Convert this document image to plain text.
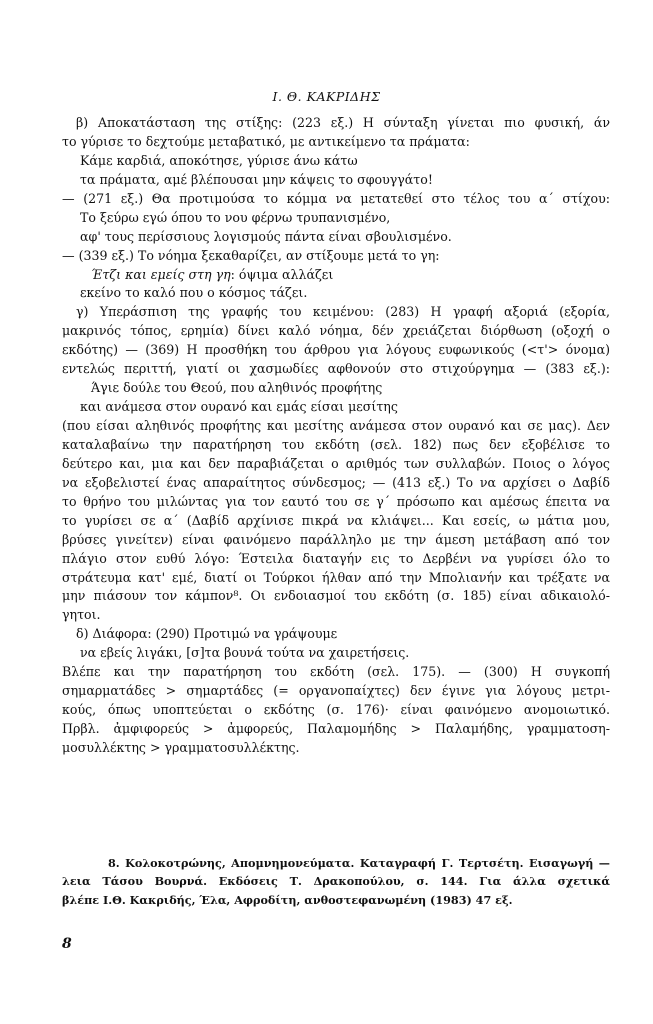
Ι. Θ. ΚΑΚΡΙΔΗΣ
β) Αποκατάσταση της στίξης: (223 εξ.) Η σύνταξη γίνεται πιο φυσική, άν
το γύρισε το δεχτούμε μεταβατικό, με αντικείμενο τα πράματα:
Κάμε καρδιά, αποκότησε, γύρισε άνω κάτω
τα πράματα, αμέ βλέπουσαι μην κάψεις το σφουγγάτο!
— (271 εξ.) Θα προτιμούσα το κόμμα να μετατεθεί στο τέλος του α΄ στίχου:
Το ξεύρω εγώ όπου το νου φέρνω τρυπανισμένο,
αφ' τους περίσσιους λογισμούς πάντα είναι σβουλισμένο.
— (339 εξ.) Το νόημα ξεκαθαρίζει, αν στίξουμε μετά το γη:
Έτζι και εμείς στη γη: όψιμα αλλάζει
εκείνο το καλό που ο κόσμος τάζει.
γ) Υπεράσπιση της γραφής του κειμένου: (283) Η γραφή αξοριά (εξορία,
μακρινός τόπος, ερημία) δίνει καλό νόημα, δέν χρειάζεται διόρθωση (οξοχή ο
εκδότης) — (369) Η προσθήκη του άρθρου για λόγους ευφωνικούς (<τ'> όνομα)
εντελώς περιττή, γιατί οι χασμωδίες αφθονούν στο στιχούργημα — (383 εξ.):
Άγιε δούλε του Θεού, που αληθινός προφήτης
και ανάμεσα στον ουρανό και εμάς είσαι μεσίτης
(που είσαι αληθινός προφήτης και μεσίτης ανάμεσα στον ουρανό και σε μας). Δεν
καταλαβαίνω την παρατήρηση του εκδότη (σελ. 182) πως δεν εξοβέλισε το
δεύτερο και, μια και δεν παραβιάζεται ο αριθμός των συλλαβών. Ποιος ο λόγος
να εξοβελιστεί ένας απαραίτητος σύνδεσμος; — (413 εξ.) Το να αρχίσει ο Δαβίδ
το θρήνο του μιλώντας για τον εαυτό του σε γ΄ πρόσωπο και αμέσως έπειτα να
το γυρίσει σε α΄ (Δαβίδ αρχίνισε πικρά να κλιάψει... Και εσείς, ω μάτια μου,
βρύσες γινείτεν) είναι φαινόμενο παράλληλο με την άμεση μετάβαση από τον
πλάγιο στον ευθύ λόγο: Έστειλα διαταγήν εις το Δερβένι να γυρίσει όλο το
στράτευμα κατ' εμέ, διατί οι Τούρκοι ήλθαν από την Μπολιανήν και τρέξατε να
μην πιάσουν τον κάμπον⁸. Οι ενδοιασμοί του εκδότη (σ. 185) είναι αδικαιολό-
γητοι.
δ) Διάφορα: (290) Προτιμώ να γράψουμε
να εβείς λιγάκι, [σ]τα βουνά τούτα να χαιρετήσεις.
Βλέπε και την παρατήρηση του εκδότη (σελ. 175). — (300) Η συγκοπή
σημαρματάδες > σημαρτάδες (= οργανοπαίχτες) δεν έγινε για λόγους μετρι-
κούς, όπως υποπτεύεται ο εκδότης (σ. 176)· είναι φαινόμενο ανομοιωτικό.
Πρβλ. ἀμφιφορεύς > ἀμφορεύς, Παλαμομήδης > Παλαμήδης, γραμματοση-
μοσυλλέκτης > γραμματοσυλλέκτης.
8. Κολοκοτρώνης, Απομνημονεύματα. Καταγραφή Γ. Τερτσέτη. Εισαγωγή —
λεια Τάσου Βουρνά. Εκδόσεις Τ. Δρακοπούλου, σ. 144. Για άλλα σχετικά
βλέπε Ι.Θ. Κακριδής, Έλα, Αφροδίτη, ανθοστεφανωμένη (1983) 47 εξ.
8
